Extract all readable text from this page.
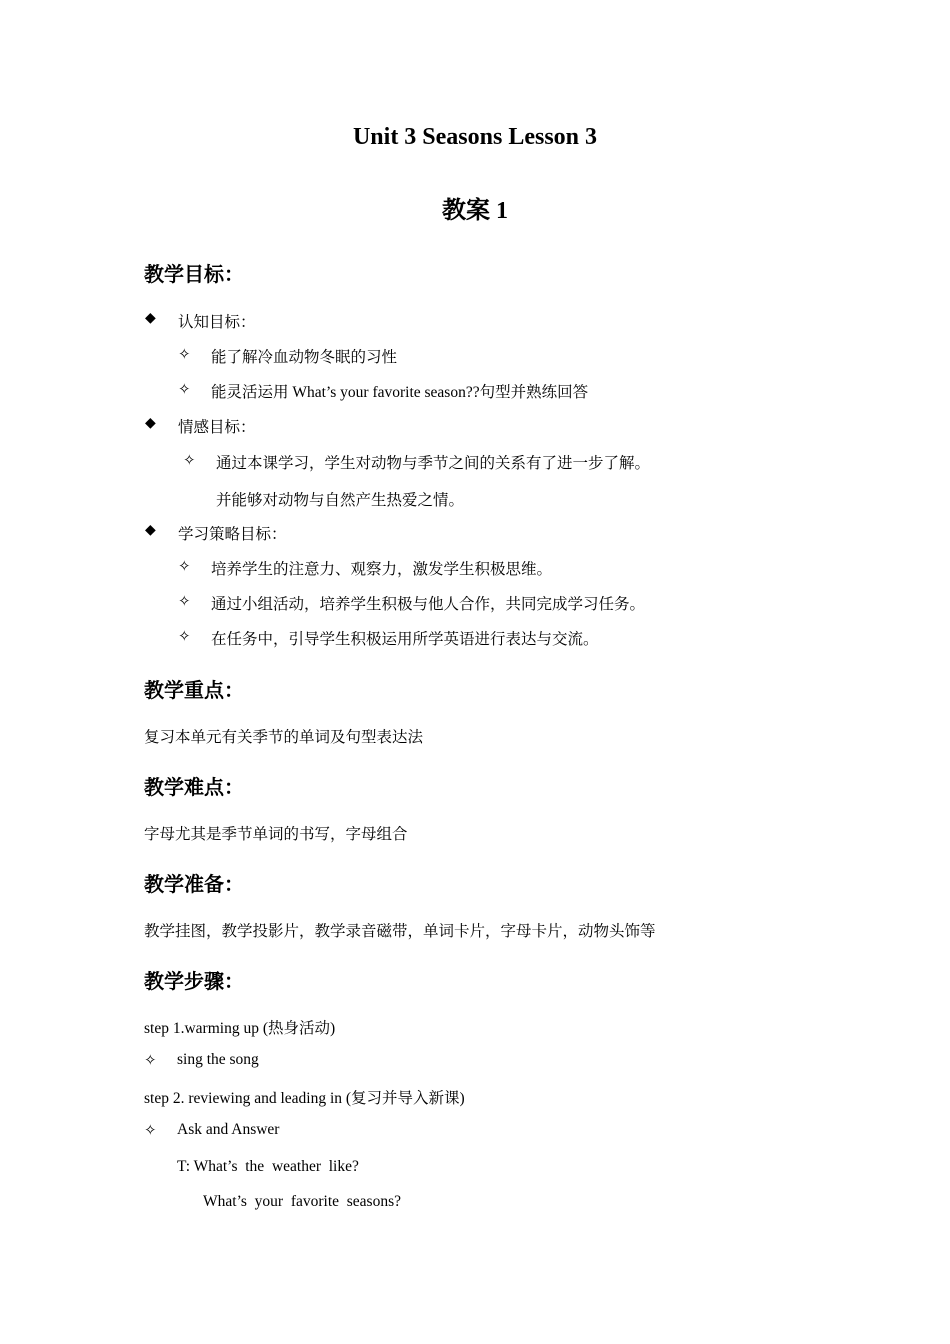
Unit 3 Seasons Lesson 3
教案 1
教学目标：
◆ 认知目标：
✧ 能了解冷血动物冬眠的习性
✧ 能灵活运用 What’s your favorite season??句型并熟练回答
◆ 情感目标：
✧ 通过本课学习，学生对动物与季节之间的关系有了进一步了解。
并能够对动物与自然产生热爱之情。
◆ 学习策略目标：
✧ 培养学生的注意力、观察力，激发学生积极思维。
✧ 通过小组活动，培养学生积极与他人合作，共同完成学习任务。
✧ 在任务中，引导学生积极运用所学英语进行表达与交流。
教学重点：
复习本单元有关季节的单词及句型表达法
教学难点：
字母尤其是季节单词的书写，字母组合
教学准备：
教学挂图，教学投影片，教学录音磁带，单词卡片，字母卡片，动物头饰等
教学步骤：
step 1.warming up (热身活动)
✧ sing the song
step 2. reviewing and leading in (复习并导入新课)
✧ Ask and Answer
T: What’s  the  weather  like?
What’s  your  favorite  seasons?
